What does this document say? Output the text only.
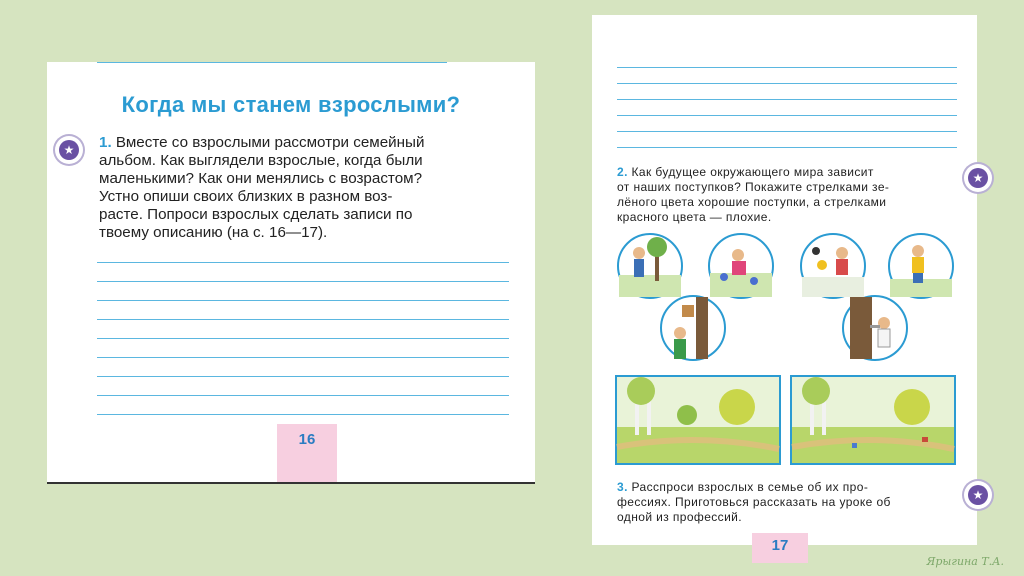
Когда мы станем взрослыми?
1. Вместе со взрослыми рассмотри семейный
альбом. Как выглядели взрослые, когда были
маленькими? Как они менялись с возрастом?
Устно опиши своих близких в разном воз-
расте. Попроси взрослых сделать записи по
твоему описанию (на с. 16—17).
16
★
2. Как будущее окружающего мира зависит
от наших поступков? Покажите стрелками зе-
лёного цвета хорошие поступки, а стрелками
красного цвета — плохие.
3. Расспроси взрослых в семье об их про-
фессиях. Приготовься рассказать на уроке об
одной из профессий.
17
★
★
Ярыгина Т.А.
